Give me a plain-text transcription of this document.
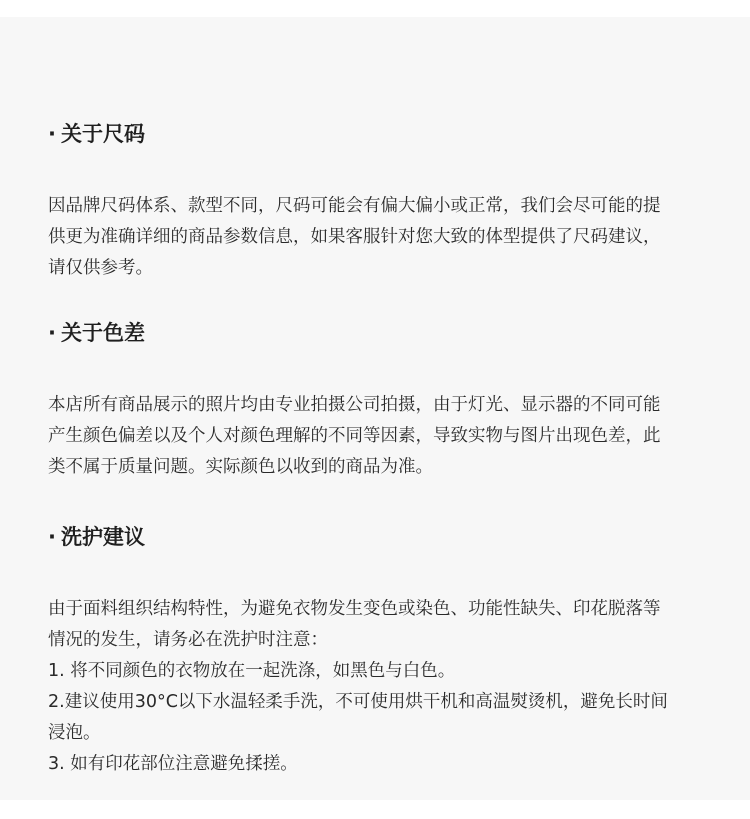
· 关于尺码

因品牌尺码体系、款型不同，尺码可能会有偏大偏小或正常，我们会尽可能的提
供更为准确详细的商品参数信息，如果客服针对您大致的体型提供了尺码建议，
请仅供参考。

· 关于色差

本店所有商品展示的照片均由专业拍摄公司拍摄，由于灯光、显示器的不同可能
产生颜色偏差以及个人对颜色理解的不同等因素，导致实物与图片出现色差，此
类不属于质量问题。实际颜色以收到的商品为准。

· 洗护建议

由于面料组织结构特性，为避免衣物发生变色或染色、功能性缺失、印花脱落等
情况的发生，请务必在洗护时注意：
1. 将不同颜色的衣物放在一起洗涤，如黑色与白色。
2.建议使用30°C以下水温轻柔手洗，不可使用烘干机和高温熨烫机，避免长时间
浸泡。
3. 如有印花部位注意避免揉搓。
